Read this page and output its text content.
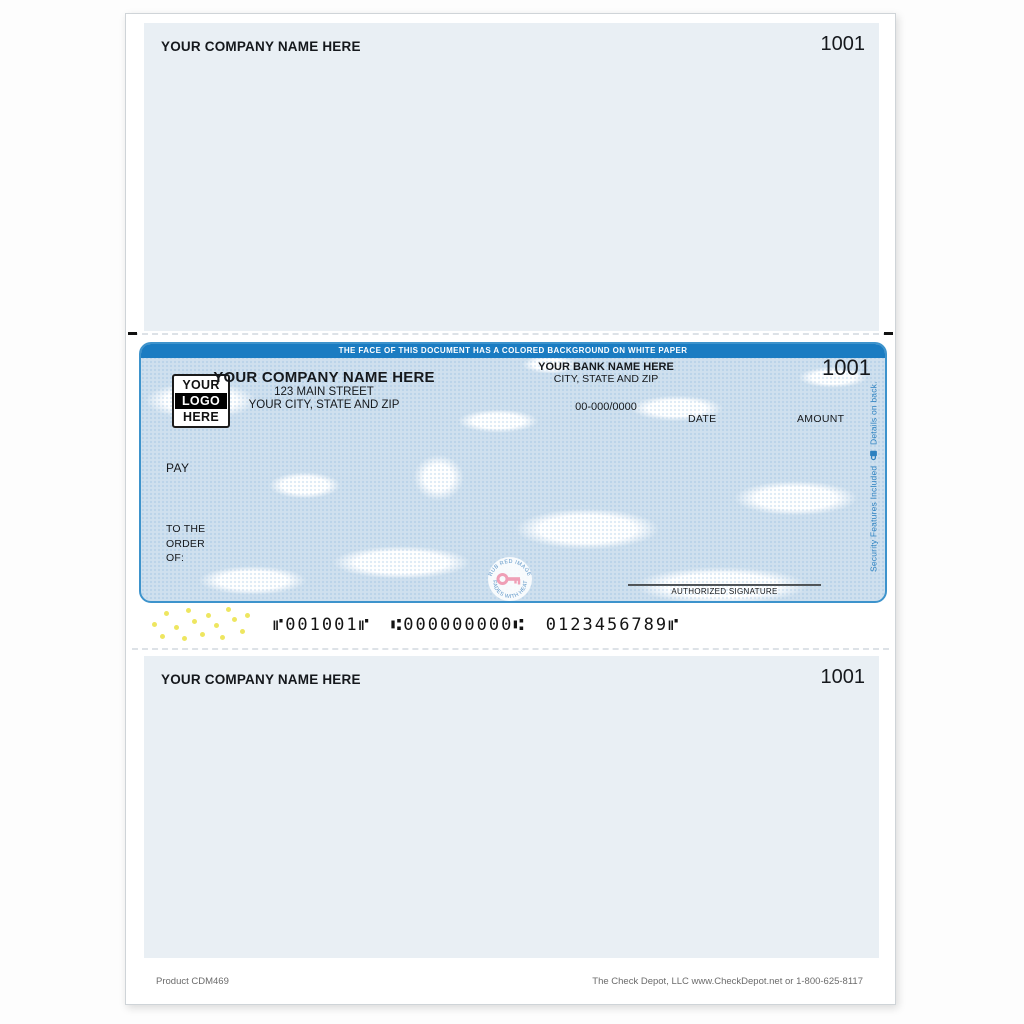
YOUR COMPANY NAME HERE	1001
THE FACE OF THIS DOCUMENT HAS A COLORED BACKGROUND ON WHITE PAPER
1001
YOUR
LOGO
HERE
YOUR COMPANY NAME HERE
123 MAIN STREET
YOUR CITY, STATE AND ZIP
YOUR BANK NAME HERE
CITY, STATE AND ZIP
00-000/0000
DATE	AMOUNT
PAY
TO THE
ORDER
OF:
RUB RED IMAGE
FADES WITH HEAT
AUTHORIZED SIGNATURE
Security Features Included
Details on back.
⑈001001⑈ ⑆000000000⑆ 0123456789⑈
YOUR COMPANY NAME HERE	1001
Product CDM469	The Check Depot, LLC www.CheckDepot.net or 1-800-625-8117
